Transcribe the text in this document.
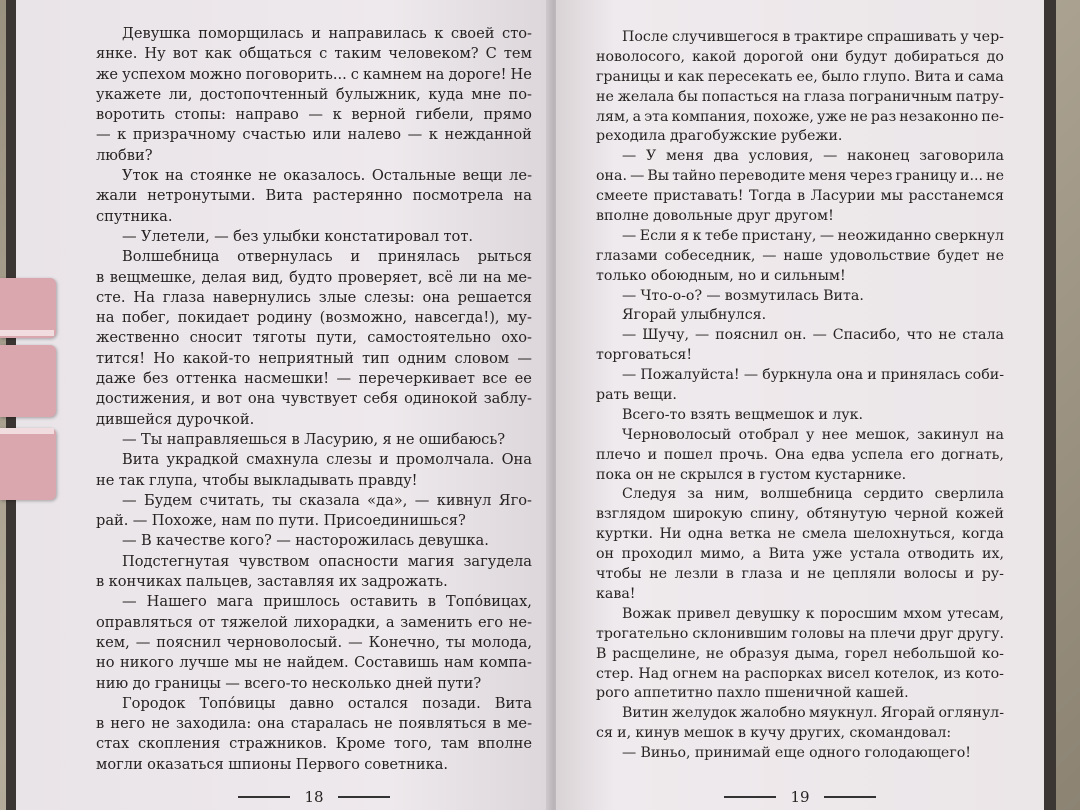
Девушка поморщилась и направилась к своей сто-
янке. Ну вот как общаться с таким человеком? С тем
же успехом можно поговорить... с камнем на дороге! Не
укажете ли, достопочтенный булыжник, куда мне по-
воротить стопы: направо — к верной гибели, прямо
— к призрачному счастью или налево — к нежданной
любви?
Уток на стоянке не оказалось. Остальные вещи ле-
жали нетронутыми. Вита растерянно посмотрела на
спутника.
— Улетели, — без улыбки констатировал тот.
Волшебница отвернулась и принялась рыться
в вещмешке, делая вид, будто проверяет, всё ли на ме-
сте. На глаза навернулись злые слезы: она решается
на побег, покидает родину (возможно, навсегда!), му-
жественно сносит тяготы пути, самостоятельно охо-
тится! Но какой-то неприятный тип одним словом —
даже без оттенка насмешки! — перечеркивает все ее
достижения, и вот она чувствует себя одинокой заблу-
дившейся дурочкой.
— Ты направляешься в Ласурию, я не ошибаюсь?
Вита украдкой смахнула слезы и промолчала. Она
не так глупа, чтобы выкладывать правду!
— Будем считать, ты сказала «да», — кивнул Ягo-
рай. — Похоже, нам по пути. Присоединишься?
— В качестве кого? — насторожилась девушка.
Подстегнутая чувством опасности магия загудела
в кончиках пальцев, заставляя их задрожать.
— Нашего мага пришлось оставить в Топо́вицах,
оправляться от тяжелой лихорадки, а заменить его не-
кем, — пояснил черноволосый. — Конечно, ты молода,
но никого лучше мы не найдем. Составишь нам компа-
нию до границы — всего-то несколько дней пути?
Городок Топо́вицы давно остался позади. Вита
в него не заходила: она старалась не появляться в ме-
стах скопления стражников. Кроме того, там вполне
могли оказаться шпионы Первого советника.
18
После случившегося в трактире спрашивать у чер-
новолосого, какой дорогой они будут добираться до
границы и как пересекать ее, было глупо. Вита и сама
не желала бы попасться на глаза пограничным патру-
лям, а эта компания, похоже, уже не раз незаконно пе-
реходила драгобужские рубежи.
— У меня два условия, — наконец заговорила
она. — Вы тайно переводите меня через границу и... не
смеете приставать! Тогда в Ласурии мы расстанемся
вполне довольные друг другом!
— Если я к тебе пристану, — неожиданно сверкнул
глазами собеседник, — наше удовольствие будет не
только обоюдным, но и сильным!
— Что-о-о? — возмутилась Вита.
Ягорай улыбнулся.
— Шучу, — пояснил он. — Спасибо, что не стала
торговаться!
— Пожалуйста! — буркнула она и принялась соби-
рать вещи.
Всего-то взять вещмешок и лук.
Черноволосый отобрал у нее мешок, закинул на
плечо и пошел прочь. Она едва успела его догнать,
пока он не скрылся в густом кустарнике.
Следуя за ним, волшебница сердито сверлила
взглядом широкую спину, обтянутую черной кожей
куртки. Ни одна ветка не смела шелохнуться, когда
он проходил мимо, а Вита уже устала отводить их,
чтобы не лезли в глаза и не цепляли волосы и ру-
кава!
Вожак привел девушку к поросшим мхом утесам,
трогательно склонившим головы на плечи друг другу.
В расщелине, не образуя дыма, горел небольшой ко-
стер. Над огнем на распорках висел котелок, из кото-
рого аппетитно пахло пшеничной кашей.
Витин желудок жалобно мяукнул. Ягорай оглянул-
ся и, кинув мешок в кучу других, скомандовал:
— Виньо, принимай еще одного голодающего!
19
